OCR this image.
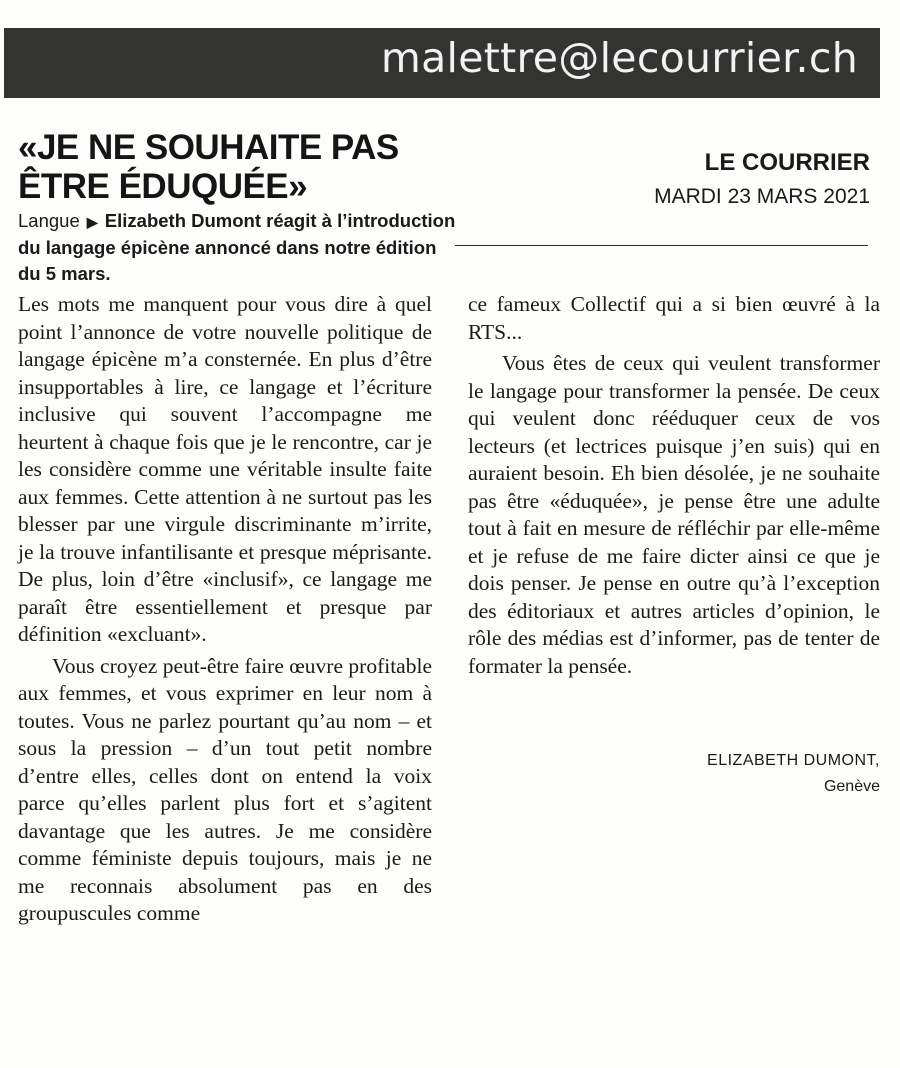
malettre@lecourrier.ch
«JE NE SOUHAITE PAS ÊTRE ÉDUQUÉE»

Langue ▶ Elizabeth Dumont réagit à l’introduction du langage épicène annoncé dans notre édition du 5 mars.

LE COURRIER
MARDI 23 MARS 2021

Les mots me manquent pour vous dire à quel point l’annonce de votre nouvelle politique de langage épicène m’a consternée. En plus d’être insupportables à lire, ce langage et l’écriture inclusive qui souvent l’accompagne me heurtent à chaque fois que je le rencontre, car je les considère comme une véritable insulte faite aux femmes. Cette attention à ne surtout pas les blesser par une virgule discriminante m’irrite, je la trouve infantilisante et presque méprisante. De plus, loin d’être «inclusif», ce langage me paraît être essentiellement et presque par définition «excluant».

Vous croyez peut-être faire œuvre profitable aux femmes, et vous exprimer en leur nom à toutes. Vous ne parlez pourtant qu’au nom – et sous la pression – d’un tout petit nombre d’entre elles, celles dont on entend la voix parce qu’elles parlent plus fort et s’agitent davantage que les autres. Je me considère comme féministe depuis toujours, mais je ne me reconnais absolument pas en des groupuscules comme

ce fameux Collectif qui a si bien œuvré à la RTS...

Vous êtes de ceux qui veulent transformer le langage pour transformer la pensée. De ceux qui veulent donc rééduquer ceux de vos lecteurs (et lectrices puisque j’en suis) qui en auraient besoin. Eh bien désolée, je ne souhaite pas être «éduquée», je pense être une adulte tout à fait en mesure de réfléchir par elle-même et je refuse de me faire dicter ainsi ce que je dois penser. Je pense en outre qu’à l’exception des éditoriaux et autres articles d’opinion, le rôle des médias est d’informer, pas de tenter de formater la pensée.

ELIZABETH DUMONT,
Genève
